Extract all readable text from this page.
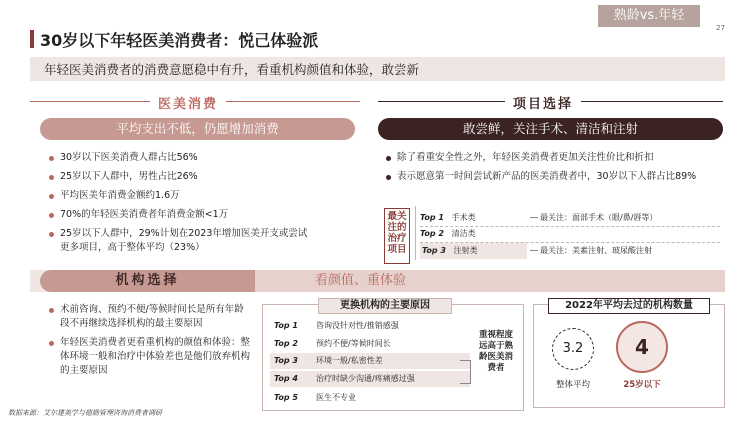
熟龄vs.年轻
27
30岁以下年轻医美消费者：悦己体验派
年轻医美消费者的消费意愿稳中有升，看重机构颜值和体验，敢尝新
医美消费
平均支出不低，仍愿增加消费
30岁以下医美消费人群占比56%
25岁以下人群中，男性占比26%
平均医美年消费金额约1.6万
70%的年轻医美消费者年消费金额<1万
25岁以下人群中，29%计划在2023年增加医美开支或尝试更多项目，高于整体平均（23%）
项目选择
敢尝鲜，关注手术、清洁和注射
除了看重安全性之外，年轻医美消费者更加关注性价比和折扣
表示愿意第一时间尝试新产品的医美消费者中，30岁以下人群占比89%
最关注的治疗项目
Top 1 手术类	最关注：面部手术（眼/鼻/唇等）
Top 2 清洁类
Top 3 注射类	最关注：美素注射、玻尿酸注射
机构选择	看颜值、重体验
术前咨询、预约不便/等候时间长是所有年龄段不再继续选择机构的最主要原因
年轻医美消费者更看重机构的颜值和体验：整体环境一般和治疗中体验差也是他们放弃机构的主要原因
更换机构的主要原因
Top 1 咨询没针对性/推销感强
Top 2 预约不便/等候时间长
Top 3 环境一般/私密性差
Top 4 治疗时缺少沟通/疼痛感过强
Top 5 医生不专业
重视程度远高于熟龄医美消费者
2022年平均去过的机构数量
3.2
整体平均
4
25岁以下
数据来源：艾尔建美学与德勤管理咨询消费者调研
